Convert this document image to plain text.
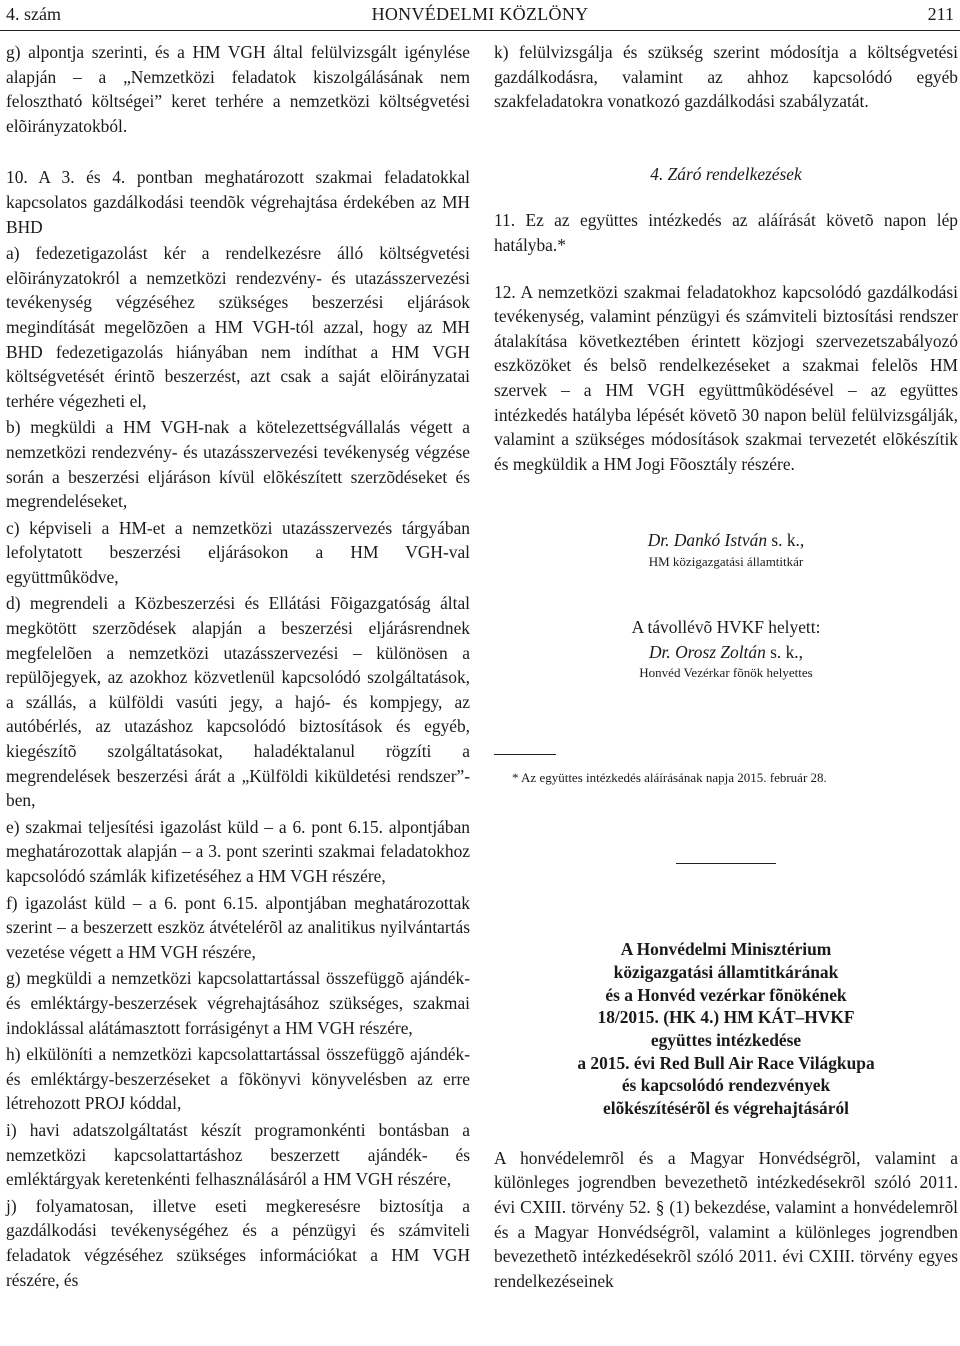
4. szám	HONVÉDELMI KÖZLÖNY	211

g) alpontja szerinti, és a HM VGH által felülvizsgált igénylése alapján – a „Nemzetközi feladatok kiszolgálásának nem felosztható költségei” keret terhére a nemzetközi költségvetési elõirányzatokból.

10. A 3. és 4. pontban meghatározott szakmai feladatokkal kapcsolatos gazdálkodási teendõk végrehajtása érdekében az MH BHD

a) fedezetigazolást kér a rendelkezésre álló költségvetési elõirányzatokról a nemzetközi rendezvény- és utazásszervezési tevékenység végzéséhez szükséges beszerzési eljárások megindítását megelõzõen a HM VGH-tól azzal, hogy az MH BHD fedezetigazolás hiányában nem indíthat a HM VGH költségvetését érintõ beszerzést, azt csak a saját elõirányzatai terhére végezheti el,

b) megküldi a HM VGH-nak a kötelezettségvállalás végett a nemzetközi rendezvény- és utazásszervezési tevékenység végzése során a beszerzési eljáráson kívül elõkészített szerzõdéseket és megrendeléseket,

c) képviseli a HM-et a nemzetközi utazásszervezés tárgyában lefolytatott beszerzési eljárásokon a HM VGH-val együttmûködve,

d) megrendeli a Közbeszerzési és Ellátási Fõigazgatóság által megkötött szerzõdések alapján a beszerzési eljárásrendnek megfelelõen a nemzetközi utazásszervezési – különösen a repülõjegyek, az azokhoz közvetlenül kapcsolódó szolgáltatások, a szállás, a külföldi vasúti jegy, a hajó- és kompjegy, az autóbérlés, az utazáshoz kapcsolódó biztosítások és egyéb, kiegészítõ szolgáltatásokat, haladéktalanul rögzíti a megrendelések beszerzési árát a „Külföldi kiküldetési rendszer”-ben,

e) szakmai teljesítési igazolást küld – a 6. pont 6.15. alpontjában meghatározottak alapján – a 3. pont szerinti szakmai feladatokhoz kapcsolódó számlák kifizetéséhez a HM VGH részére,

f) igazolást küld – a 6. pont 6.15. alpontjában meghatározottak szerint – a beszerzett eszköz átvételérõl az analitikus nyilvántartás vezetése végett a HM VGH részére,

g) megküldi a nemzetközi kapcsolattartással összefüggõ ajándék- és emléktárgy-beszerzések végrehajtásához szükséges, szakmai indoklással alátámasztott forrásigényt a HM VGH részére,

h) elkülöníti a nemzetközi kapcsolattartással összefüggõ ajándék- és emléktárgy-beszerzéseket a fõkönyvi könyvelésben az erre létrehozott PROJ kóddal,

i) havi adatszolgáltatást készít programonkénti bontásban a nemzetközi kapcsolattartáshoz beszerzett ajándék- és emléktárgyak keretenkénti felhasználásáról a HM VGH részére,

j) folyamatosan, illetve eseti megkeresésre biztosítja a gazdálkodási tevékenységéhez és a pénzügyi és számviteli feladatok végzéséhez szükséges információkat a HM VGH részére, és

k) felülvizsgálja és szükség szerint módosítja a költségvetési gazdálkodásra, valamint az ahhoz kapcsolódó egyéb szakfeladatokra vonatkozó gazdálkodási szabályzatát.

4. Záró rendelkezések

11. Ez az együttes intézkedés az aláírását követõ napon lép hatályba.*

12. A nemzetközi szakmai feladatokhoz kapcsolódó gazdálkodási tevékenység, valamint pénzügyi és számviteli biztosítási rendszer átalakítása következtében érintett közjogi szervezetszabályozó eszközöket és belsõ rendelkezéseket a szakmai felelõs HM szervek – a HM VGH együttmûködésével – az együttes intézkedés hatályba lépését követõ 30 napon belül felülvizsgálják, valamint a szükséges módosítások szakmai tervezetét elõkészítik és megküldik a HM Jogi Fõosztály részére.

Dr. Dankó István s. k.,

HM közigazgatási államtitkár

A távollévõ HVKF helyett:

Dr. Orosz Zoltán s. k.,

Honvéd Vezérkar fõnök helyettes

* Az együttes intézkedés aláírásának napja 2015. február 28.

A Honvédelmi Minisztérium

közigazgatási államtitkárának

és a Honvéd vezérkar fõnökének

18/2015. (HK 4.) HM KÁT–HVKF

együttes intézkedése

a 2015. évi Red Bull Air Race Világkupa

és kapcsolódó rendezvények

elõkészítésérõl és végrehajtásáról

A honvédelemrõl és a Magyar Honvédségrõl, valamint a különleges jogrendben bevezethetõ intézkedésekrõl szóló 2011. évi CXIII. törvény 52. § (1) bekezdése, valamint a honvédelemrõl és a Magyar Honvédségrõl, valamint a különleges jogrendben bevezethetõ intézkedésekrõl szóló 2011. évi CXIII. törvény egyes rendelkezéseinek
